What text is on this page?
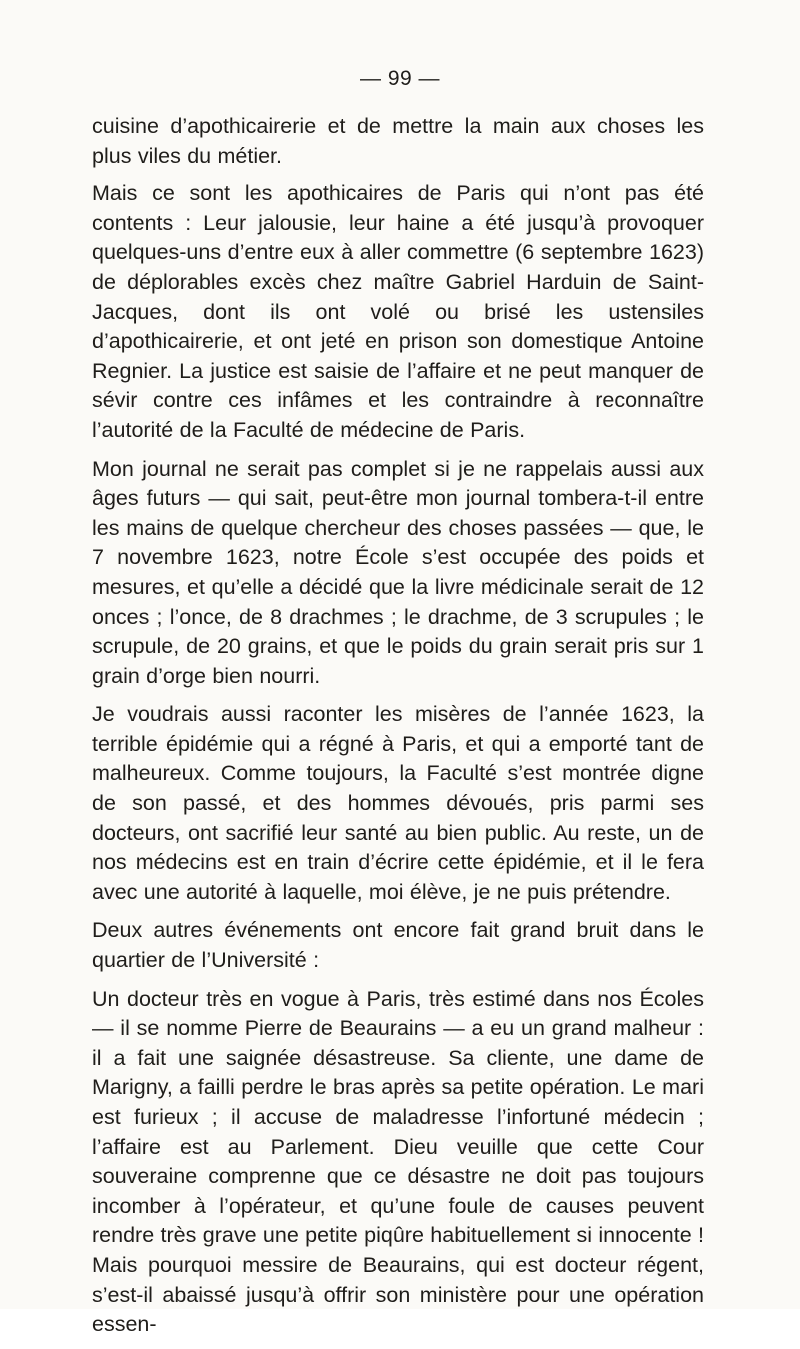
— 99 —

cuisine d’apothicairerie et de mettre la main aux choses les plus viles du métier.

Mais ce sont les apothicaires de Paris qui n’ont pas été contents : Leur jalousie, leur haine a été jusqu’à provoquer quelques-uns d’entre eux à aller commettre (6 septembre 1623) de déplorables excès chez maître Gabriel Harduin de Saint-Jacques, dont ils ont volé ou brisé les ustensiles d’apothicairerie, et ont jeté en prison son domestique Antoine Regnier. La justice est saisie de l’affaire et ne peut manquer de sévir contre ces infâmes et les contraindre à reconnaître l’autorité de la Faculté de médecine de Paris.

Mon journal ne serait pas complet si je ne rappelais aussi aux âges futurs — qui sait, peut-être mon journal tombera-t-il entre les mains de quelque chercheur des choses passées — que, le 7 novembre 1623, notre École s’est occupée des poids et mesures, et qu’elle a décidé que la livre médicinale serait de 12 onces ; l’once, de 8 drachmes ; le drachme, de 3 scrupules ; le scrupule, de 20 grains, et que le poids du grain serait pris sur 1 grain d’orge bien nourri.

Je voudrais aussi raconter les misères de l’année 1623, la terrible épidémie qui a régné à Paris, et qui a emporté tant de malheureux. Comme toujours, la Faculté s’est montrée digne de son passé, et des hommes dévoués, pris parmi ses docteurs, ont sacrifié leur santé au bien public. Au reste, un de nos médecins est en train d’écrire cette épidémie, et il le fera avec une autorité à laquelle, moi élève, je ne puis prétendre.

Deux autres événements ont encore fait grand bruit dans le quartier de l’Université :

Un docteur très en vogue à Paris, très estimé dans nos Écoles — il se nomme Pierre de Beaurains — a eu un grand malheur : il a fait une saignée désastreuse. Sa cliente, une dame de Marigny, a failli perdre le bras après sa petite opération. Le mari est furieux ; il accuse de maladresse l’infortuné médecin ; l’affaire est au Parlement. Dieu veuille que cette Cour souveraine comprenne que ce désastre ne doit pas toujours incomber à l’opérateur, et qu’une foule de causes peuvent rendre très grave une petite piqûre habituellement si innocente ! Mais pourquoi messire de Beaurains, qui est docteur régent, s’est-il abaissé jusqu’à offrir son ministère pour une opération essen-
